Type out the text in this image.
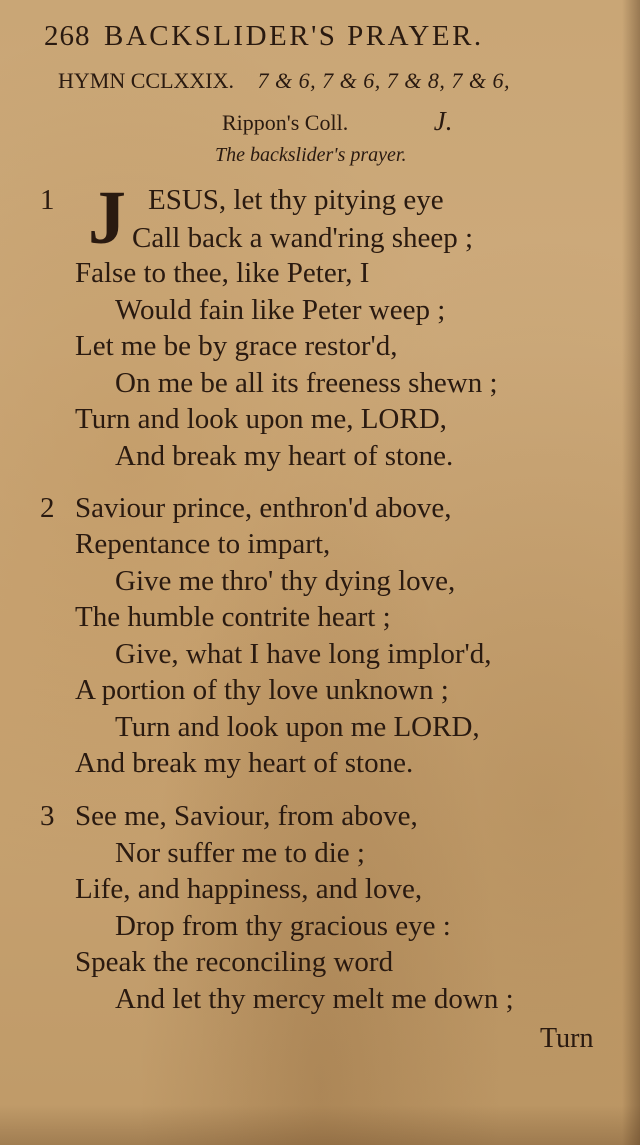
268 BACKSLIDER'S PRAYER.
HYMN CCLXXIX. 7 & 6, 7 & 6, 7 & 8, 7 & 6,
Rippon's Coll.	J.
The backslider's prayer.
1 J ESUS, let thy pitying eye
Call back a wand'ring sheep ;
False to thee, like Peter, I
Would fain like Peter weep ;
Let me be by grace restor'd,
On me be all its freeness shewn ;
Turn and look upon me, LORD,
And break my heart of stone.
2 Saviour prince, enthron'd above,
Repentance to impart,
Give me thro' thy dying love,
The humble contrite heart ;
Give, what I have long implor'd,
A portion of thy love unknown ;
Turn and look upon me LORD,
And break my heart of stone.
3 See me, Saviour, from above,
Nor suffer me to die ;
Life, and happiness, and love,
Drop from thy gracious eye :
Speak the reconciling word
And let thy mercy melt me down ;
Turn
